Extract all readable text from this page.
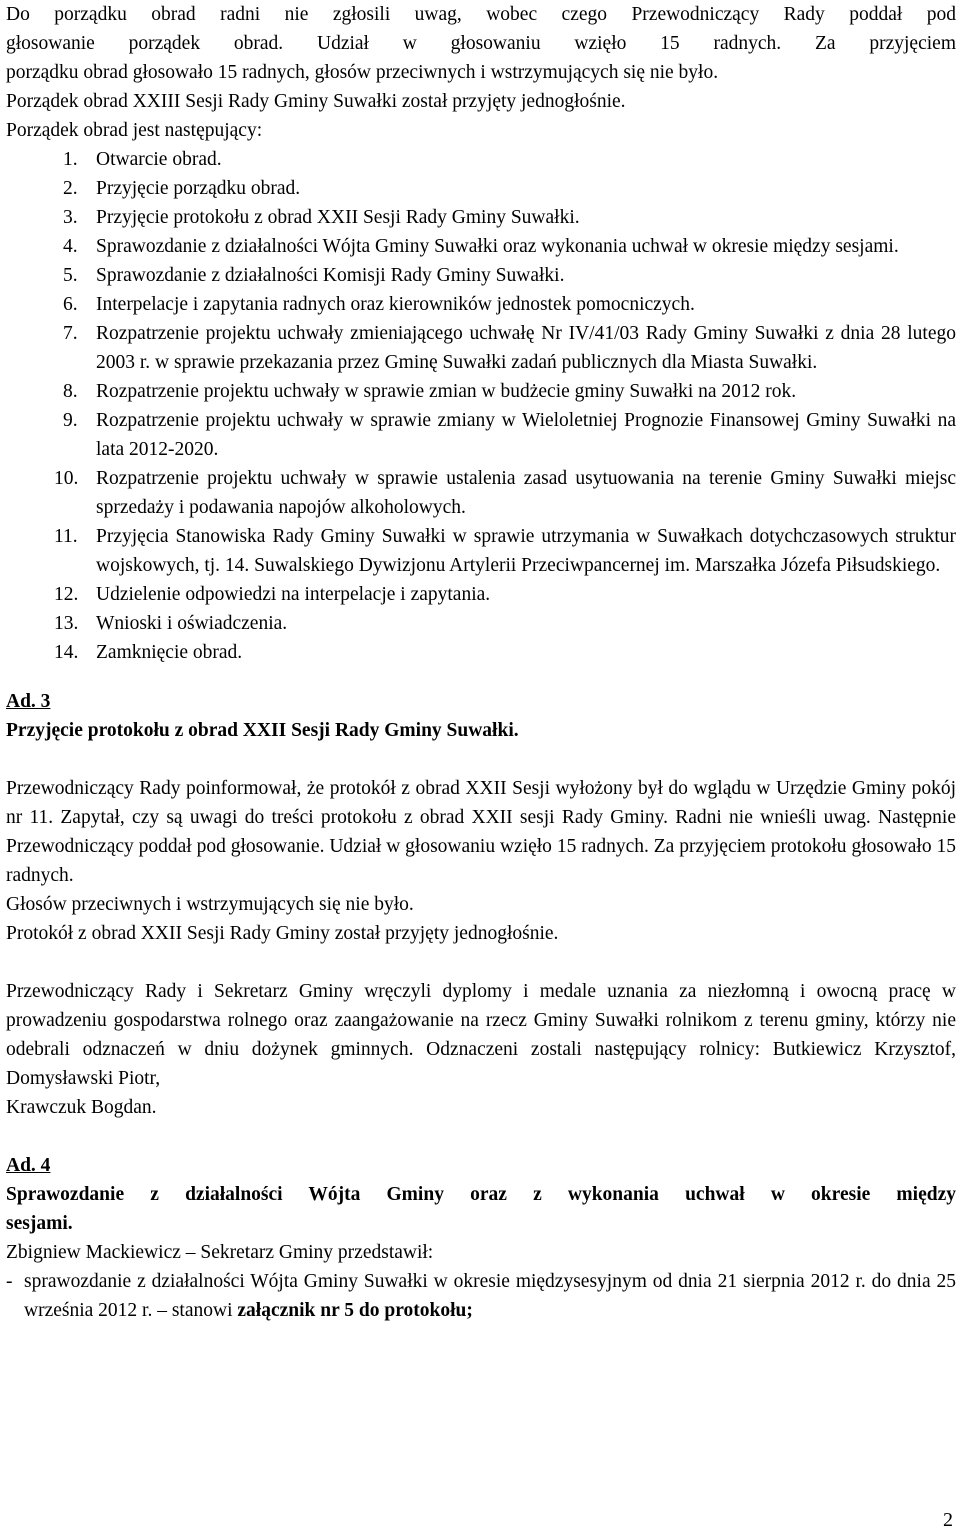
Do porządku obrad radni nie zgłosili uwag, wobec czego Przewodniczący Rady poddał pod

głosowanie porządek obrad. Udział w głosowaniu wzięło 15 radnych. Za przyjęciem

porządku obrad głosowało 15 radnych, głosów przeciwnych i wstrzymujących się nie było.

Porządek obrad XXIII Sesji Rady Gminy Suwałki został przyjęty jednogłośnie.

Porządek obrad jest następujący:

1. Otwarcie obrad.
2. Przyjęcie porządku obrad.
3. Przyjęcie protokołu z obrad XXII Sesji Rady Gminy Suwałki.
4. Sprawozdanie z działalności Wójta Gminy Suwałki oraz wykonania uchwał w okresie między sesjami.
5. Sprawozdanie z działalności Komisji Rady Gminy Suwałki.
6. Interpelacje i zapytania radnych oraz kierowników jednostek pomocniczych.
7. Rozpatrzenie projektu uchwały zmieniającego uchwałę Nr IV/41/03 Rady Gminy Suwałki z dnia 28 lutego 2003 r. w sprawie przekazania przez Gminę Suwałki zadań publicznych dla Miasta Suwałki.
8. Rozpatrzenie projektu uchwały w sprawie zmian w budżecie gminy Suwałki na 2012 rok.
9. Rozpatrzenie projektu uchwały w sprawie zmiany w Wieloletniej Prognozie Finansowej Gminy Suwałki na lata 2012-2020.
10. Rozpatrzenie projektu uchwały w sprawie ustalenia zasad usytuowania na terenie Gminy Suwałki miejsc sprzedaży i podawania napojów alkoholowych.
11. Przyjęcia Stanowiska Rady Gminy Suwałki w sprawie utrzymania w Suwałkach dotychczasowych struktur wojskowych, tj. 14. Suwalskiego Dywizjonu Artylerii Przeciwpancernej im. Marszałka Józefa Piłsudskiego.
12. Udzielenie odpowiedzi na interpelacje i zapytania.
13. Wnioski i oświadczenia.
14. Zamknięcie obrad.

Ad. 3

Przyjęcie protokołu z obrad XXII Sesji Rady Gminy Suwałki.

Przewodniczący Rady poinformował, że protokół z obrad XXII Sesji wyłożony był do wglądu w Urzędzie Gminy pokój nr 11. Zapytał, czy są uwagi do treści protokołu z obrad XXII sesji Rady Gminy. Radni nie wnieśli uwag. Następnie Przewodniczący poddał pod głosowanie. Udział w głosowaniu wzięło 15 radnych. Za przyjęciem protokołu głosowało 15 radnych.

Głosów przeciwnych i wstrzymujących się nie było.

Protokół z obrad XXII Sesji Rady Gminy został przyjęty jednogłośnie.

Przewodniczący Rady i Sekretarz Gminy wręczyli dyplomy i medale uznania za niezłomną i owocną pracę w prowadzeniu gospodarstwa rolnego oraz zaangażowanie na rzecz Gminy Suwałki rolnikom z terenu gminy, którzy nie odebrali odznaczeń w dniu dożynek gminnych. Odznaczeni zostali następujący rolnicy: Butkiewicz Krzysztof, Domysławski Piotr,

Krawczuk Bogdan.

Ad. 4

Sprawozdanie z działalności Wójta Gminy oraz z wykonania uchwał w okresie między

sesjami.

Zbigniew Mackiewicz – Sekretarz Gminy przedstawił:

- sprawozdanie z działalności Wójta Gminy Suwałki w okresie międzysesyjnym od dnia 21 sierpnia 2012 r. do dnia 25 września 2012 r. – stanowi załącznik nr 5 do protokołu;
2
